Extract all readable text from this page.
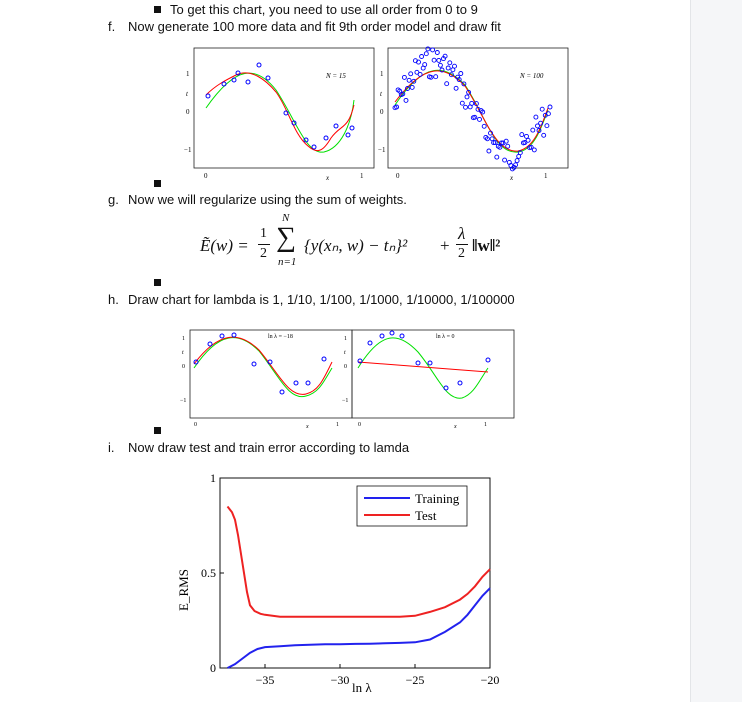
To get this chart, you need to use all order from 0 to 9
f. Now generate 100 more data and fit 9th order model and draw fit
1
t
0
−1
0	1
x
N = 15	1
t
0
−1
0	1
x
N = 100
g. Now we will regularize using the sum of weights.
Ẽ(w) =
1
2
N
∑
n=1
{y(xₙ, w) − tₙ}² +
λ
2 ‖w‖²
h. Draw chart for lambda is 1, 1/10, 1/100, 1/1000, 1/10000, 1/100000
1
t
0
−1
0	1
x
ln λ = −18	1
t
0
−1
0	1
x
ln λ = 0
i. Now draw test and train error according to lamda
−35	−30	−25	−20
0
0.5
1
ln λ
E_RMS
Training
Test
